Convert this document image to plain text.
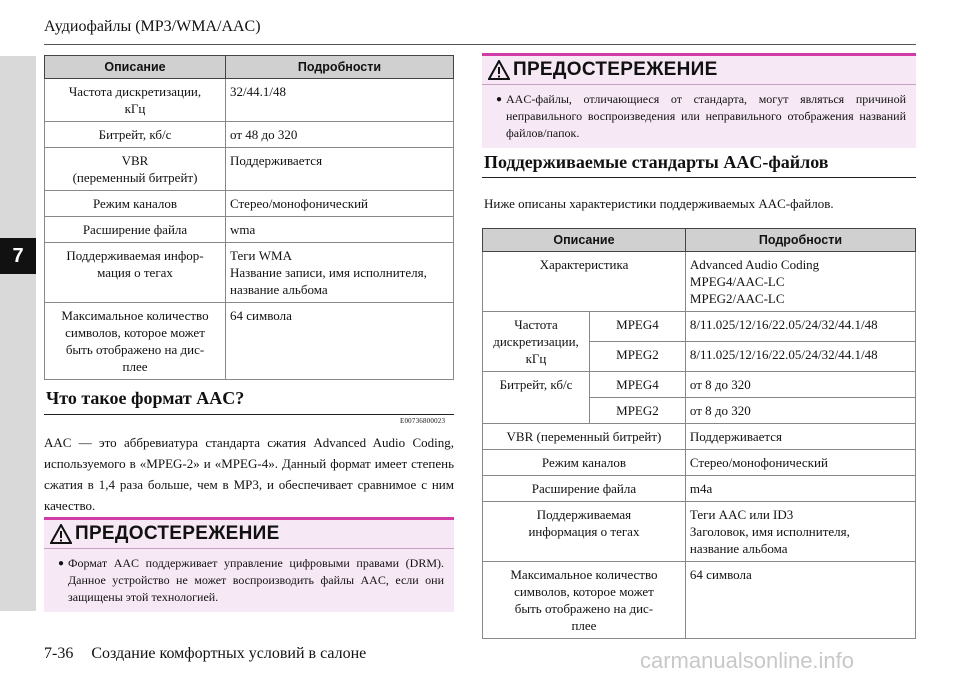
7
Аудиофайлы (MP3/WMA/AAC)
Описание	Подробности
Частота дискретизации,
кГц	32/44.1/48
Битрейт, кб/с	от 48 до 320
VBR
(переменный битрейт)	Поддерживается
Режим каналов	Стерео/монофонический
Расширение файла	wma
Поддерживаемая инфор-
мация о тегах	Теги WMA
Название записи, имя исполнителя,
название альбома
Максимальное количество
символов, которое может
быть отображено на дис-
плее	64 символа
Что такое формат AAC?
E00736800023
AAC — это аббревиатура стандарта сжатия Advanced Audio Coding, используемого в «MPEG-2» и «MPEG-4». Данный формат имеет степень сжатия в 1,4 раза больше, чем в MP3, и обеспечивает сравнимое с ним качество.
ПРЕДОСТЕРЕЖЕНИЕ
● Формат AAC поддерживает управление цифровыми правами (DRM). Данное устройство не может воспроизводить файлы AAC, если они защищены этой технологией.
ПРЕДОСТЕРЕЖЕНИЕ
● AAC-файлы, отличающиеся от стандарта, могут являться причиной неправильного воспроизведения или неправильного отображения названий файлов/папок.
Поддерживаемые стандарты AAC-файлов
Ниже описаны характеристики поддерживаемых AAC-файлов.
Описание		Подробности
Характеристика		Advanced Audio Coding
MPEG4/AAC-LC
MPEG2/AAC-LC
Частота
дискретизации,
кГц	MPEG4	8/11.025/12/16/22.05/24/32/44.1/48
	MPEG2	8/11.025/12/16/22.05/24/32/44.1/48
Битрейт, кб/с	MPEG4	от 8 до 320
	MPEG2	от 8 до 320
VBR (переменный битрейт)		Поддерживается
Режим каналов		Стерео/монофонический
Расширение файла		m4a
Поддерживаемая
информация о тегах		Теги AAC или ID3
Заголовок, имя исполнителя,
название альбома
Максимальное количество
символов, которое может
быть отображено на дис-
плее		64 символа
7-36 Создание комфортных условий в салоне	carmanualsonline.info
